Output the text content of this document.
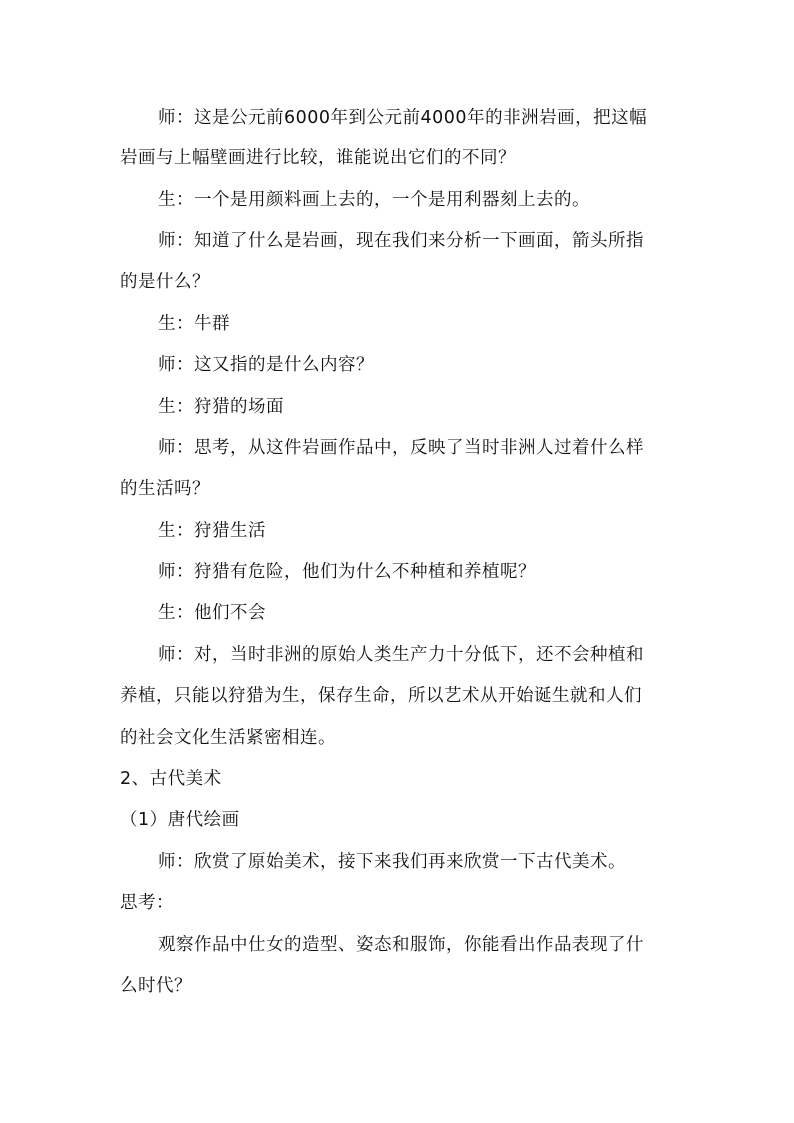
师：这是公元前6000年到公元前4000年的非洲岩画，把这幅
岩画与上幅壁画进行比较，谁能说出它们的不同？
生：一个是用颜料画上去的，一个是用利器刻上去的。
师：知道了什么是岩画，现在我们来分析一下画面，箭头所指
的是什么？
生：牛群
师：这又指的是什么内容？
生：狩猎的场面
师：思考，从这件岩画作品中，反映了当时非洲人过着什么样
的生活吗？
生：狩猎生活
师：狩猎有危险，他们为什么不种植和养植呢？
生：他们不会
师：对，当时非洲的原始人类生产力十分低下，还不会种植和
养植，只能以狩猎为生，保存生命，所以艺术从开始诞生就和人们
的社会文化生活紧密相连。
2、古代美术
（1）唐代绘画
师：欣赏了原始美术，接下来我们再来欣赏一下古代美术。
思考：
观察作品中仕女的造型、姿态和服饰，你能看出作品表现了什
么时代？
